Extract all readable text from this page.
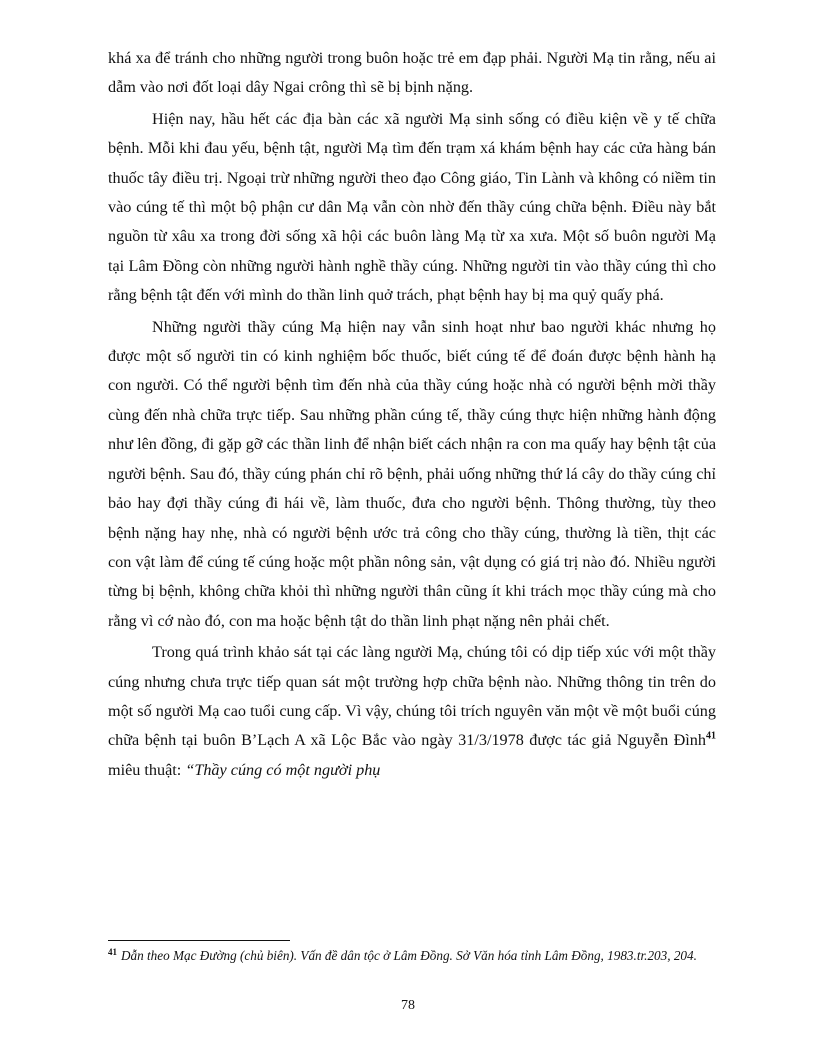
khá xa để tránh cho những người trong buôn hoặc trẻ em đạp phải. Người Mạ tin rằng, nếu ai dẫm vào nơi đốt loại dây Ngai crông thì sẽ bị bịnh nặng.

Hiện nay, hầu hết các địa bàn các xã người Mạ sinh sống có điều kiện về y tế chữa bệnh. Mỗi khi đau yếu, bệnh tật, người Mạ tìm đến trạm xá khám bệnh hay các cửa hàng bán thuốc tây điều trị. Ngoại trừ những người theo đạo Công giáo, Tin Lành và không có niềm tin vào cúng tế thì một bộ phận cư dân Mạ vẫn còn nhờ đến thầy cúng chữa bệnh. Điều này bắt nguồn từ xâu xa trong đời sống xã hội các buôn làng Mạ từ xa xưa. Một số buôn người Mạ tại Lâm Đồng còn những người hành nghề thầy cúng. Những người tin vào thầy cúng thì cho rằng bệnh tật đến với mình do thần linh quở trách, phạt bệnh hay bị ma quỷ quấy phá.

Những người thầy cúng Mạ hiện nay vẫn sinh hoạt như bao người khác nhưng họ được một số người tin có kinh nghiệm bốc thuốc, biết cúng tế để đoán được bệnh hành hạ con người. Có thể người bệnh tìm đến nhà của thầy cúng hoặc nhà có người bệnh mời thầy cùng đến nhà chữa trực tiếp. Sau những phần cúng tế, thầy cúng thực hiện những hành động như lên đồng, đi gặp gỡ các thần linh để nhận biết cách nhận ra con ma quấy hay bệnh tật của người bệnh. Sau đó, thầy cúng phán chỉ rõ bệnh, phải uống những thứ lá cây do thầy cúng chỉ bảo hay đợi thầy cúng đi hái về, làm thuốc, đưa cho người bệnh. Thông thường, tùy theo bệnh nặng hay nhẹ, nhà có người bệnh ước trả công cho thầy cúng, thường là tiền, thịt các con vật làm để cúng tế cúng hoặc một phần nông sản, vật dụng có giá trị nào đó. Nhiều người từng bị bệnh, không chữa khỏi thì những người thân cũng ít khi trách mọc thầy cúng mà cho rằng vì cớ nào đó, con ma hoặc bệnh tật do thần linh phạt nặng nên phải chết.

Trong quá trình khảo sát tại các làng người Mạ, chúng tôi có dịp tiếp xúc với một thầy cúng nhưng chưa trực tiếp quan sát một trường hợp chữa bệnh nào. Những thông tin trên do một số người Mạ cao tuổi cung cấp. Vì vậy, chúng tôi trích nguyên văn một về một buổi cúng chữa bệnh tại buôn B’Lạch A xã Lộc Bắc vào ngày 31/3/1978 được tác giả Nguyễn Đình$^{41}$ miêu thuật: “Thầy cúng có một người phụ

$^{41}$ Dẫn theo Mạc Đường (chủ biên). Vấn đề dân tộc ở Lâm Đồng. Sở Văn hóa tỉnh Lâm Đồng, 1983.tr.203, 204.
78
